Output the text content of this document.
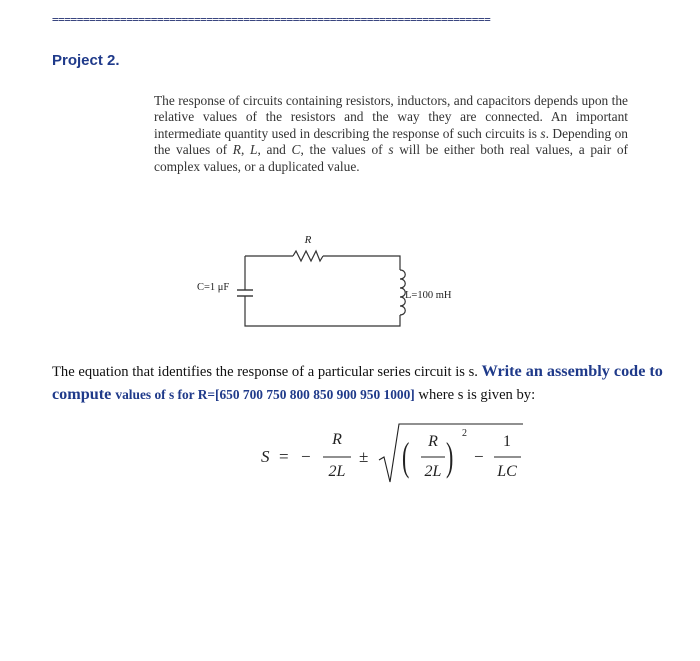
=======================================================================
Project 2.
The response of circuits containing resistors, inductors, and capacitors depends upon the relative values of the resistors and the way they are connected. An important intermediate quantity used in describing the response of such circuits is s. Depending on the values of R, L, and C, the values of s will be either both real values, a pair of complex values, or a duplicated value.
R
C=1 μF
L=100 mH
The equation that identifies the response of a particular series circuit is s. Write an assembly code to compute values of s for R=[650 700 750 800 850 900 950 1000] where s is given by:
S = −
R
2L
± ( R
2L )
2
−
1
LC
